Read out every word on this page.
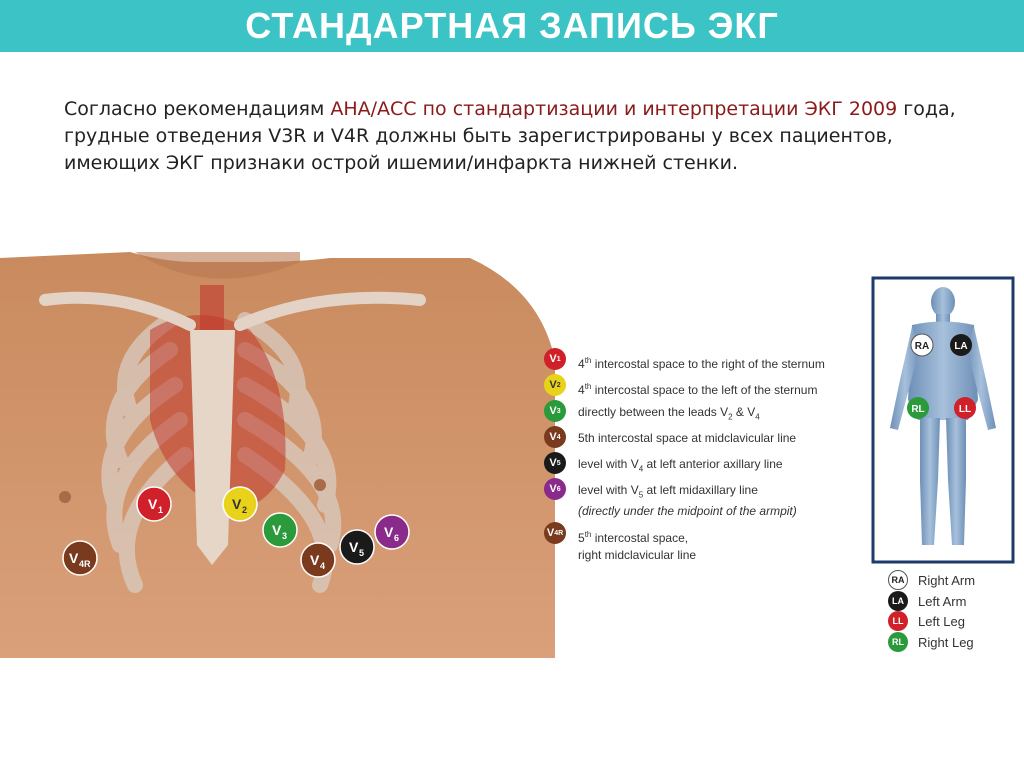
СТАНДАРТНАЯ ЗАПИСЬ ЭКГ
Согласно рекомендациям АНА/АСС по стандартизации и интерпретации ЭКГ 2009 года, грудные отведения V3R и V4R должны быть зарегистрированы у всех пациентов, имеющих ЭКГ признаки острой ишемии/инфаркта нижней стенки.
V 1	V 2
V 3
V 4
V 5
V 6
V 4R
RA	LA
RL	LL
V 1 4th intercostal space to the right of the sternum
V 2 4th intercostal space to the left of the sternum
V 3 directly between the leads $V_2$ & $V_4$
V 4 5th intercostal space at midclavicular line
V 5 level with $V_4$ at left anterior axillary line
V 6 level with $V_5$ at left midaxillary line
(directly under the midpoint of the armpit)
V 4R 5th intercostal space,
right midclavicular line
RA Right Arm
LA	Left Arm
LL	Left Leg
RL	Right Leg
